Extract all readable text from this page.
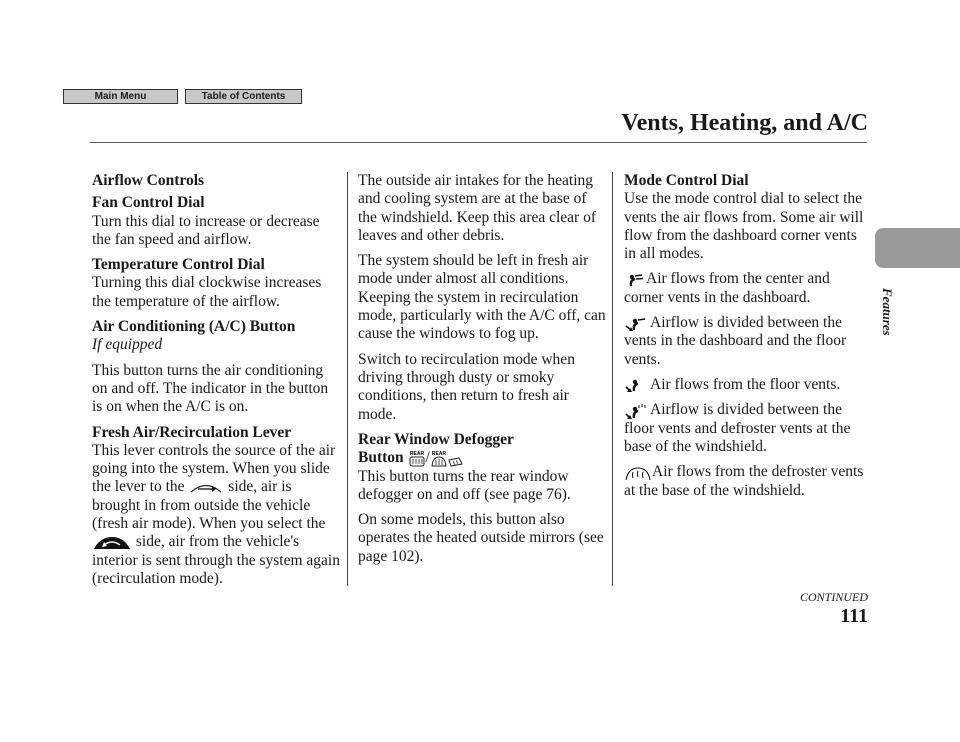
Main Menu	Table of Contents
Vents, Heating, and A/C

Airflow Controls

Fan Control Dial

Turn this dial to increase or decrease the fan speed and airflow.

Temperature Control Dial

Turning this dial clockwise increases the temperature of the airflow.

Air Conditioning (A/C) Button

If equipped

This button turns the air conditioning on and off. The indicator in the button is on when the A/C is on.

Fresh Air/Recirculation Lever

This lever controls the source of the air going into the system. When you slide the lever to the	side, air is brought in from outside the vehicle (fresh air mode). When you select the
side, air from the vehicle's interior is sent through the system again (recirculation mode).

The outside air intakes for the heating and cooling system are at the base of the windshield. Keep this area clear of leaves and other debris.

The system should be left in fresh air mode under almost all conditions. Keeping the system in recirculation mode, particularly with the A/C off, can cause the windows to fog up.

Switch to recirculation mode when driving through dusty or smoky conditions, then return to fresh air mode.

Rear Window Defogger

Button REAR / REAR

This button turns the rear window defogger on and off (see page 76).

On some models, this button also operates the heated outside mirrors (see page 102).

Mode Control Dial

Use the mode control dial to select the vents the air flows from. Some air will flow from the dashboard corner vents in all modes.

Air flows from the center and corner vents in the dashboard.

Airflow is divided between the vents in the dashboard and the floor vents.

Air flows from the floor vents.

Airflow is divided between the floor vents and defroster vents at the base of the windshield.

Air flows from the defroster vents at the base of the windshield.

CONTINUED
111
Features
